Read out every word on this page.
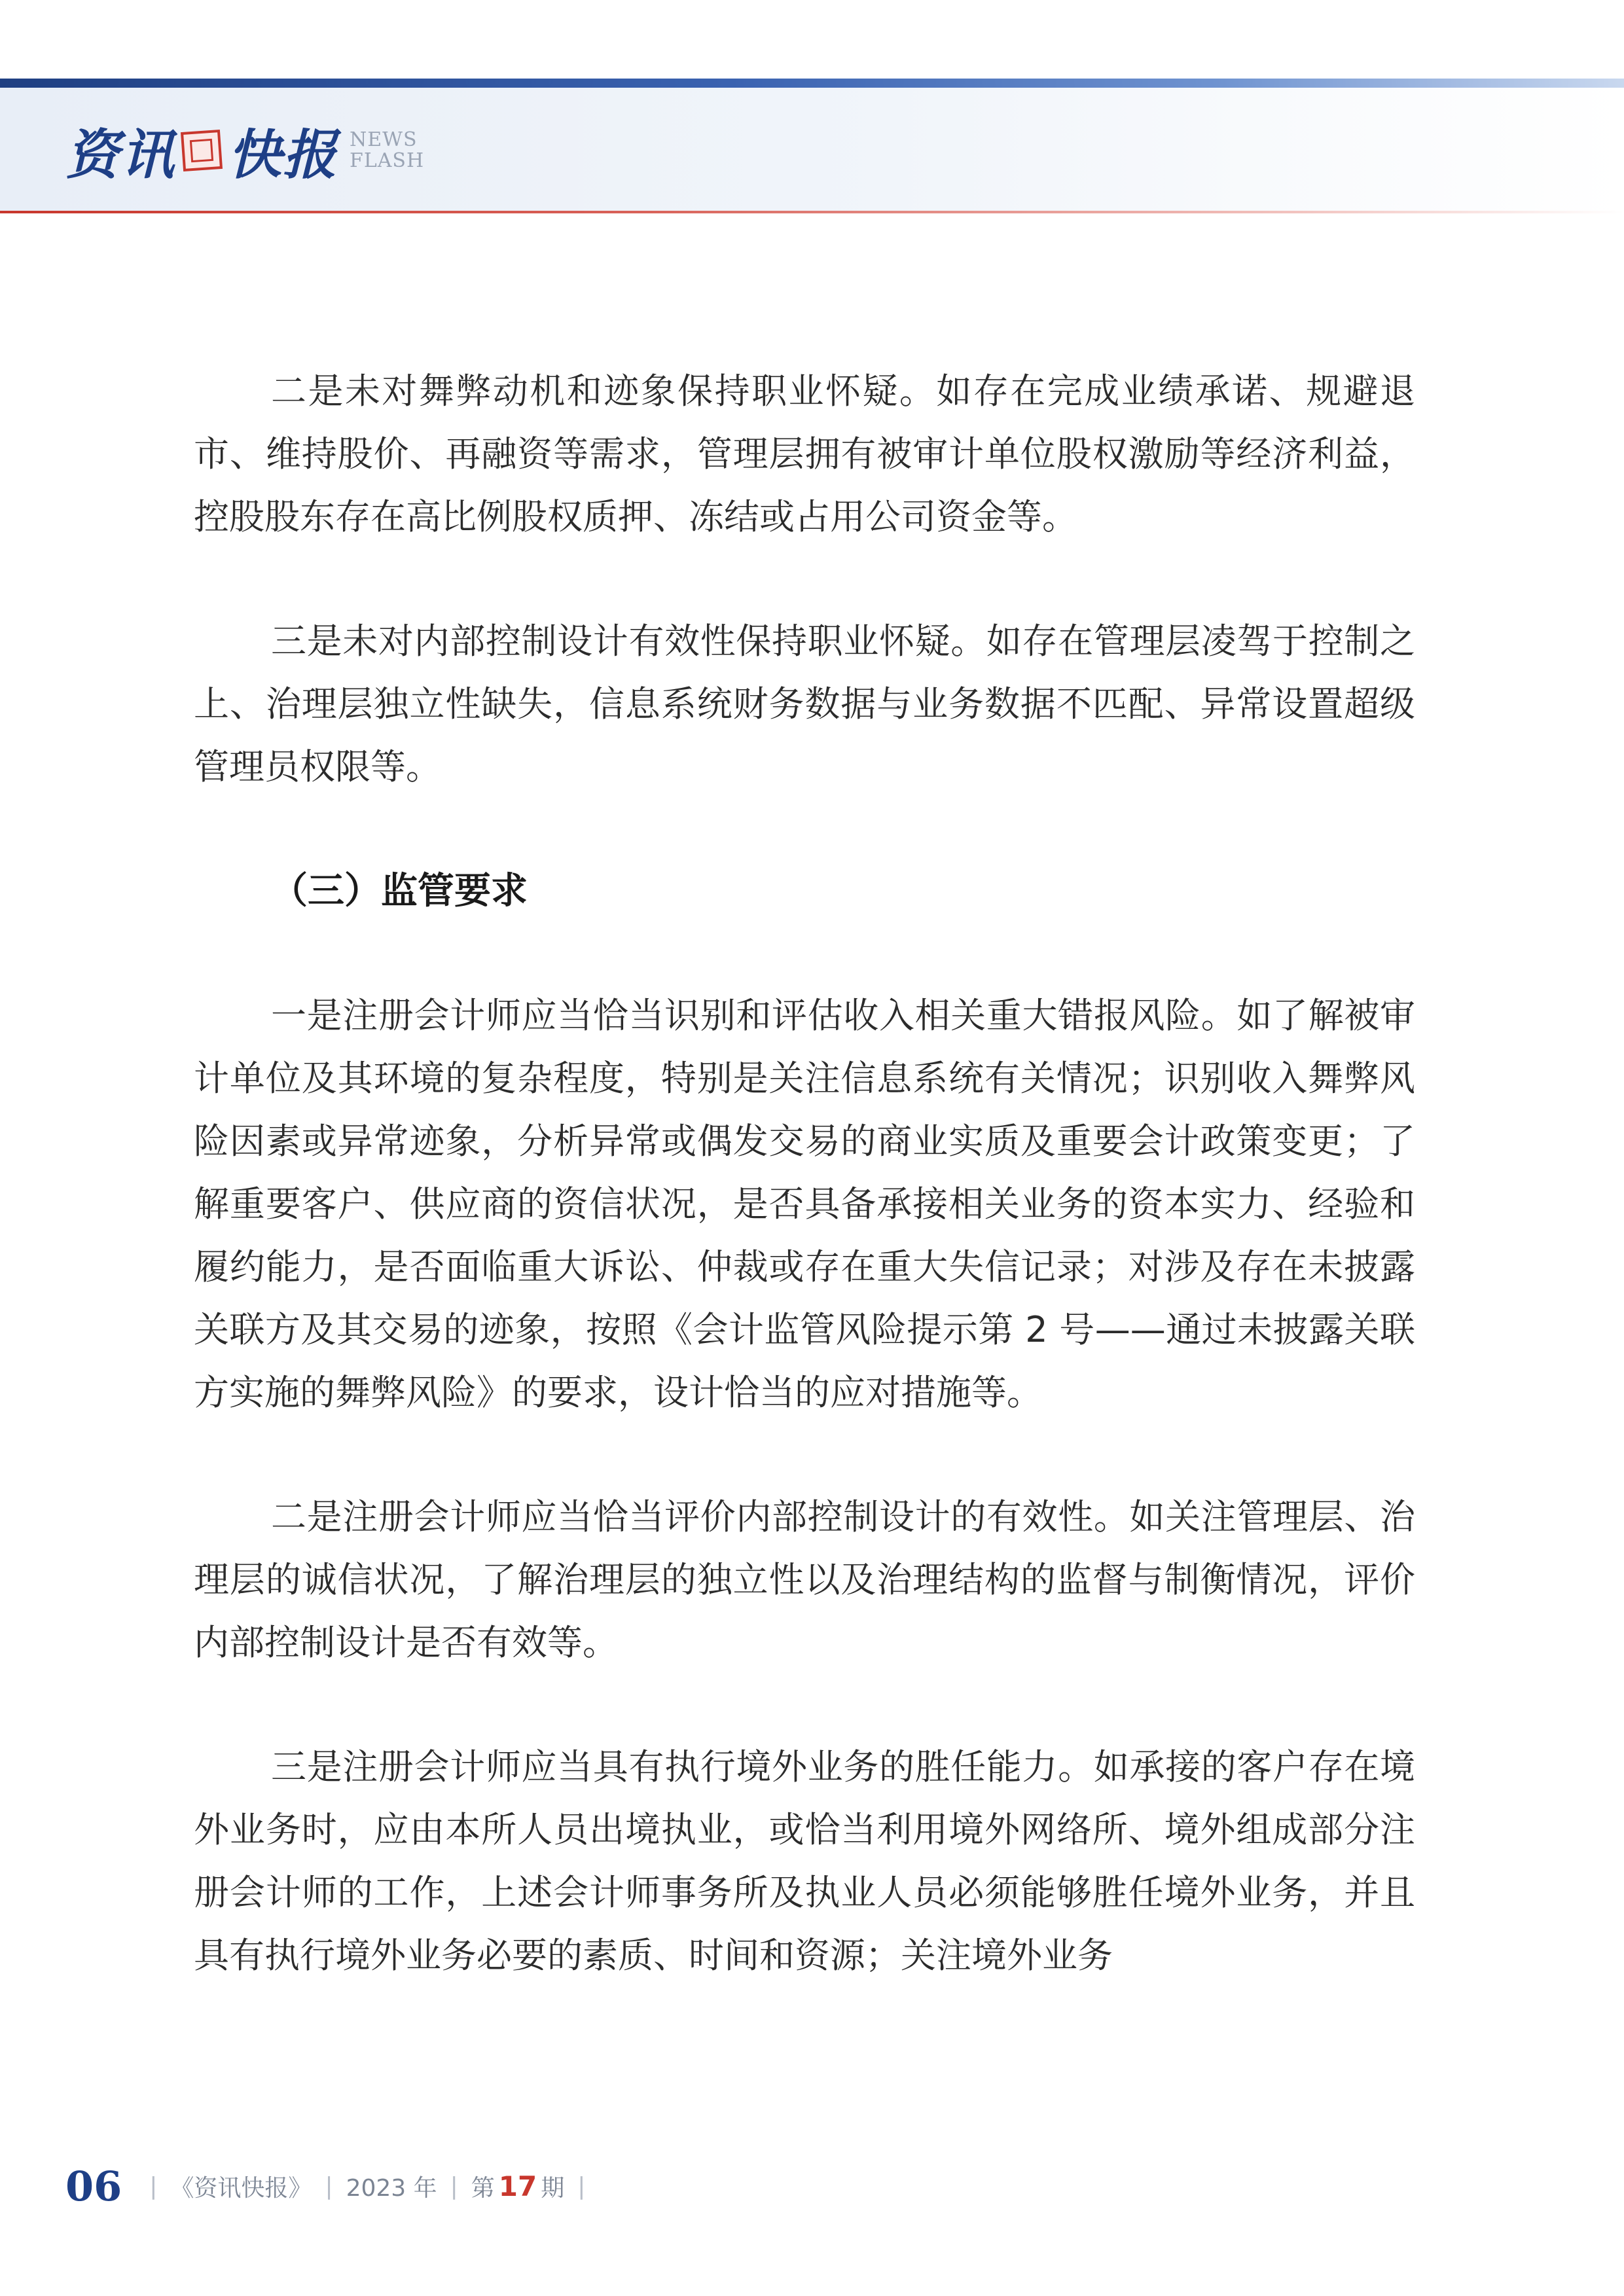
资讯 快报 NEWS
FLASH

二是未对舞弊动机和迹象保持职业怀疑。如存在完成业绩承诺、规避退市、维持股价、再融资等需求，管理层拥有被审计单位股权激励等经济利益，控股股东存在高比例股权质押、冻结或占用公司资金等。

三是未对内部控制设计有效性保持职业怀疑。如存在管理层凌驾于控制之上、治理层独立性缺失，信息系统财务数据与业务数据不匹配、异常设置超级管理员权限等。

（三）监管要求

一是注册会计师应当恰当识别和评估收入相关重大错报风险。如了解被审计单位及其环境的复杂程度，特别是关注信息系统有关情况；识别收入舞弊风险因素或异常迹象，分析异常或偶发交易的商业实质及重要会计政策变更；了解重要客户、供应商的资信状况，是否具备承接相关业务的资本实力、经验和履约能力，是否面临重大诉讼、仲裁或存在重大失信记录；对涉及存在未披露关联方及其交易的迹象，按照《会计监管风险提示第 2 号——通过未披露关联方实施的舞弊风险》的要求，设计恰当的应对措施等。

二是注册会计师应当恰当评价内部控制设计的有效性。如关注管理层、治理层的诚信状况，了解治理层的独立性以及治理结构的监督与制衡情况，评价内部控制设计是否有效等。

三是注册会计师应当具有执行境外业务的胜任能力。如承接的客户存在境外业务时，应由本所人员出境执业，或恰当利用境外网络所、境外组成部分注册会计师的工作，上述会计师事务所及执业人员必须能够胜任境外业务，并且具有执行境外业务必要的素质、时间和资源；关注境外业务

06 | 《资讯快报》 | 2023 年 | 第 17 期 |
